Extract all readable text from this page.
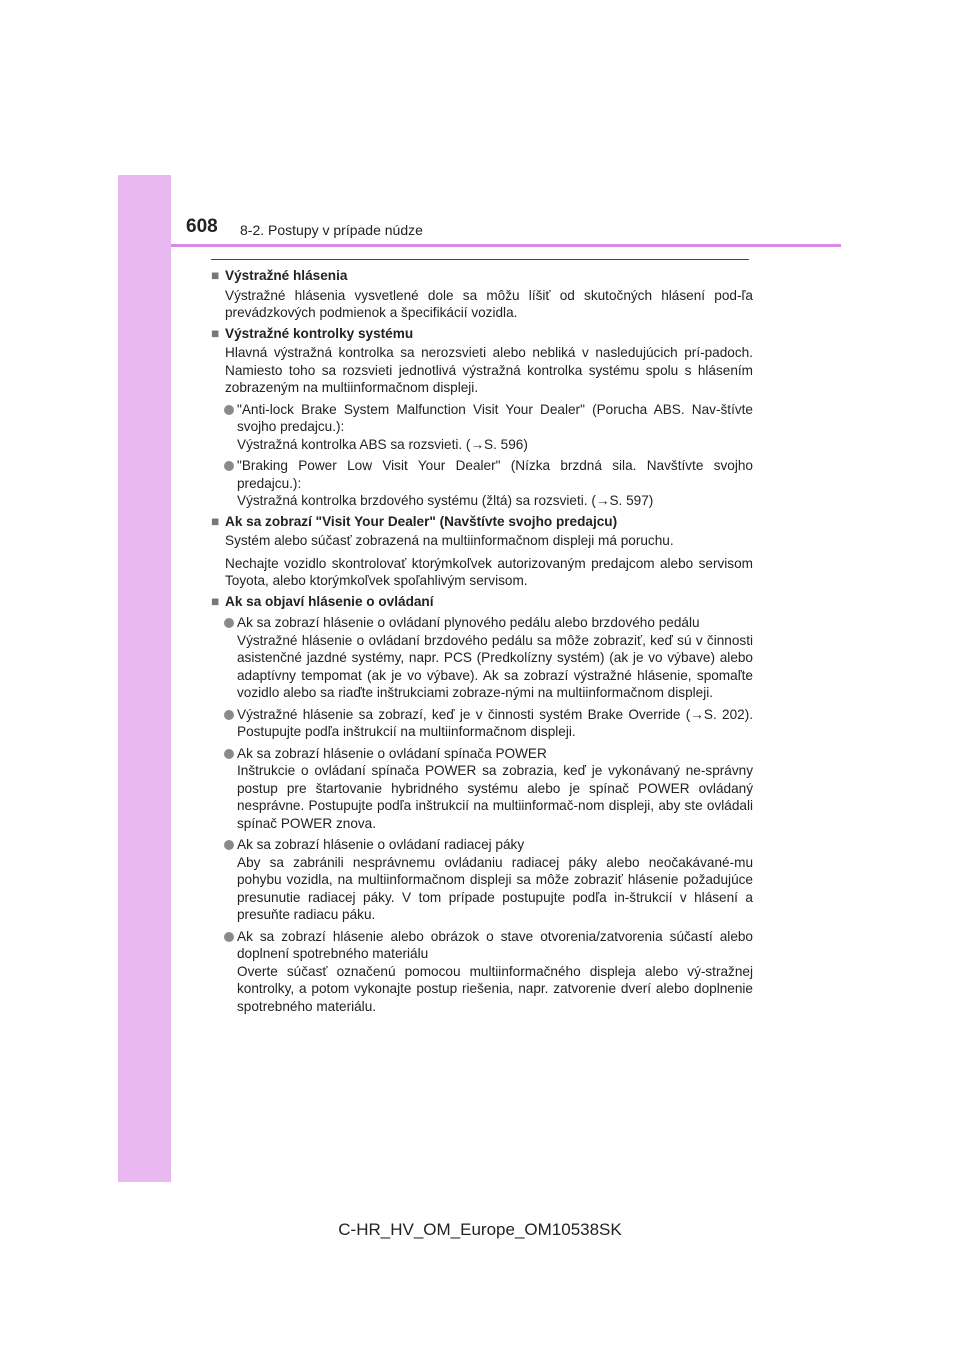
608 8-2. Postupy v prípade núdze
■ Výstražné hlásenia
Výstražné hlásenia vysvetlené dole sa môžu líšiť od skutočných hlásení pod-ľa prevádzkových podmienok a špecifikácií vozidla.
■ Výstražné kontrolky systému
Hlavná výstražná kontrolka sa nerozsvieti alebo nebliká v nasledujúcich prí-padoch. Namiesto toho sa rozsvieti jednotlivá výstražná kontrolka systému spolu s hlásením zobrazeným na multiinformačnom displeji.

"Anti-lock Brake System Malfunction Visit Your Dealer" (Porucha ABS. Nav-štívte svojho predajcu.):

Výstražná kontrolka ABS sa rozsvieti. (→S. 596)

"Braking Power Low Visit Your Dealer" (Nízka brzdná sila. Navštívte svojho predajcu.):

Výstražná kontrolka brzdového systému (žltá) sa rozsvieti. (→S. 597)

■ Ak sa zobrazí "Visit Your Dealer" (Navštívte svojho predajcu)
Systém alebo súčasť zobrazená na multiinformačnom displeji má poruchu.
Nechajte vozidlo skontrolovať ktorýmkoľvek autorizovaným predajcom alebo servisom Toyota, alebo ktorýmkoľvek spoľahlivým servisom.
■ Ak sa objaví hlásenie o ovládaní

Ak sa zobrazí hlásenie o ovládaní plynového pedálu alebo brzdového pedálu

Výstražné hlásenie o ovládaní brzdového pedálu sa môže zobraziť, keď sú v činnosti asistenčné jazdné systémy, napr. PCS (Predkolízny systém) (ak je vo výbave) alebo adaptívny tempomat (ak je vo výbave). Ak sa zobrazí výstražné hlásenie, spomaľte vozidlo alebo sa riaďte inštrukciami zobraze-nými na multiinformačnom displeji.

Výstražné hlásenie sa zobrazí, keď je v činnosti systém Brake Override (→S. 202). Postupujte podľa inštrukcií na multiinformačnom displeji.

Ak sa zobrazí hlásenie o ovládaní spínača POWER

Inštrukcie o ovládaní spínača POWER sa zobrazia, keď je vykonávaný ne-správny postup pre štartovanie hybridného systému alebo je spínač POWER ovládaný nesprávne. Postupujte podľa inštrukcií na multiinformač-nom displeji, aby ste ovládali spínač POWER znova.

Ak sa zobrazí hlásenie o ovládaní radiacej páky

Aby sa zabránili nesprávnemu ovládaniu radiacej páky alebo neočakávané-mu pohybu vozidla, na multiinformačnom displeji sa môže zobraziť hlásenie požadujúce presunutie radiacej páky. V tom prípade postupujte podľa in-štrukcií v hlásení a presuňte radiacu páku.

Ak sa zobrazí hlásenie alebo obrázok o stave otvorenia/zatvorenia súčastí alebo doplnení spotrebného materiálu

Overte súčasť označenú pomocou multiinformačného displeja alebo vý-stražnej kontrolky, a potom vykonajte postup riešenia, napr. zatvorenie dverí alebo doplnenie spotrebného materiálu.

C-HR_HV_OM_Europe_OM10538SK
